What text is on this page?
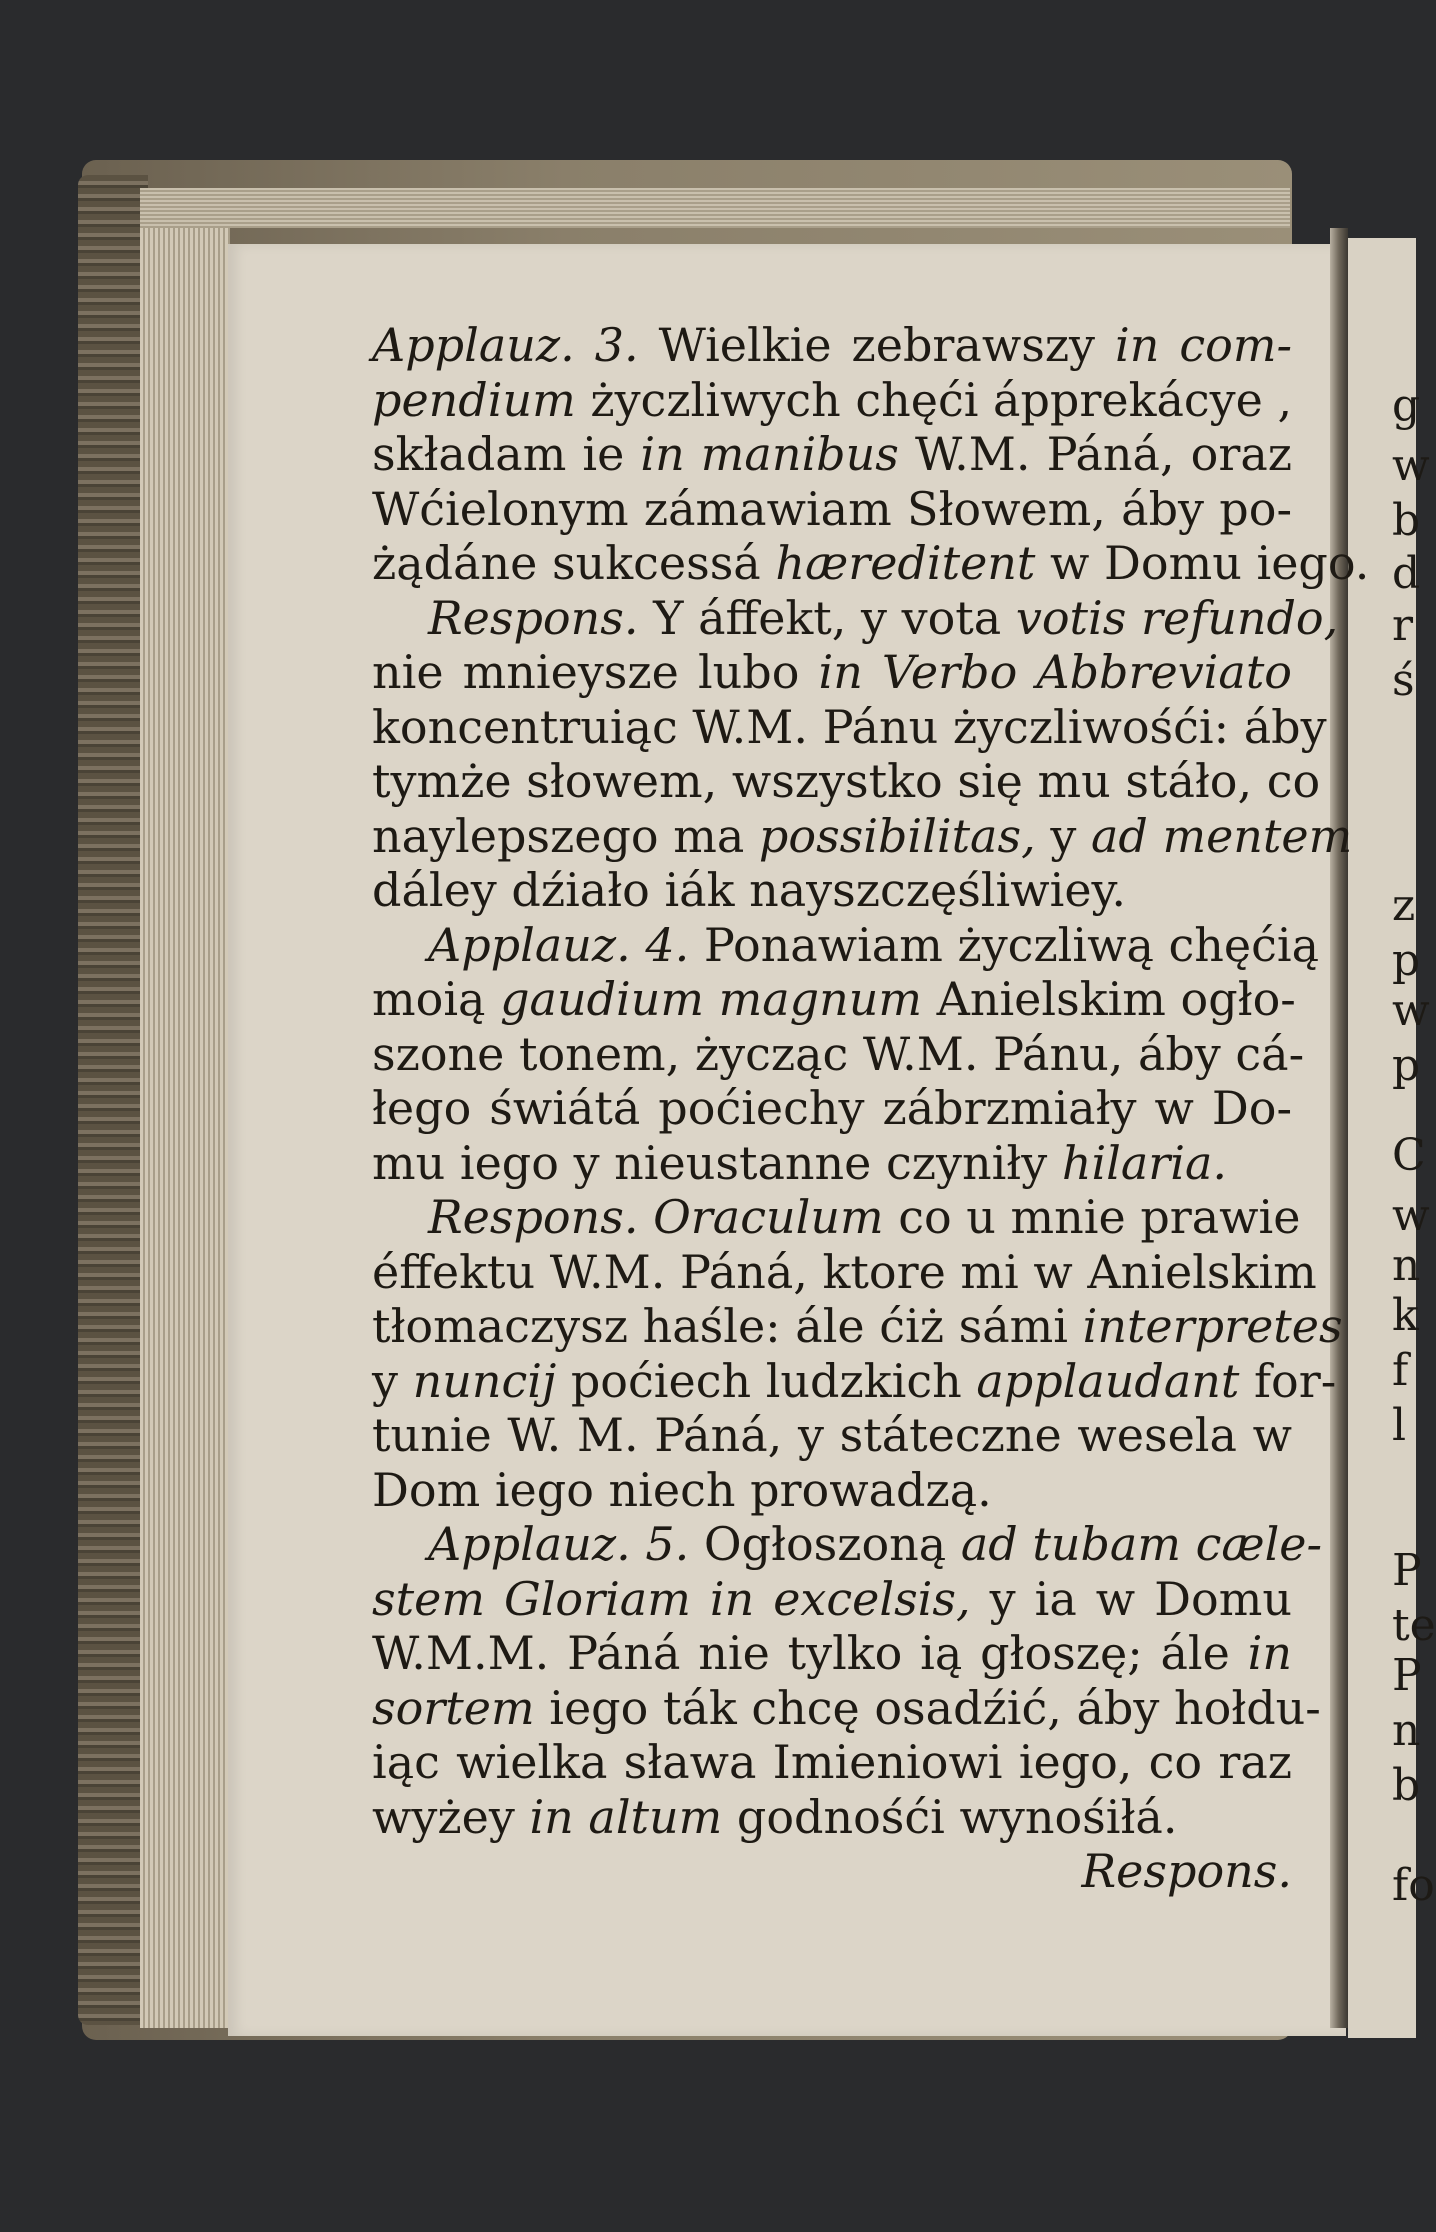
Applauz. 3. Wielkie zebrawszy in com-
pendium życzliwych chęći ápprekácye ,
składam ie in manibus W.M. Páná, oraz
Wćielonym zámawiam Słowem, áby po-
żądáne sukcessá hæreditent w Domu iego.
Respons. Y áffekt, y vota votis refundo,
nie mnieysze lubo in Verbo Abbreviato
koncentruiąc W.M. Pánu życzliwośći: áby
tymże słowem, wszystko się mu stáło, co
naylepszego ma possibilitas, y ad mentem
dáley dźiało iák nayszczęśliwiey.
Applauz. 4. Ponawiam życzliwą chęćią
moią gaudium magnum Anielskim ogło-
szone tonem, życząc W.M. Pánu, áby cá-
łego świátá poćiechy zábrzmiały w Do-
mu iego y nieustanne czyniły hilaria.
Respons. Oraculum co u mnie prawie
éffektu W.M. Páná, ktore mi w Anielskim
tłomaczysz haśle: ále ćiż sámi interpretes
y nuncij poćiech ludzkich applaudant for-
tunie W. M. Páná, y státeczne wesela w
Dom iego niech prowadzą.
Applauz. 5. Ogłoszoną ad tubam cæle-
stem Gloriam in excelsis, y ia w Domu
W.M.M. Páná nie tylko ią głoszę; ále in
sortem iego ták chcę osadźić, áby hołdu-
iąc wielka sława Imieniowi iego, co raz
wyżey in altum godnośći wynośiłá.
Respons.
g
w
b
d
r
ś
z
p
w
p
C
w
n
k
f
l
P
te
P
n
b
fo
